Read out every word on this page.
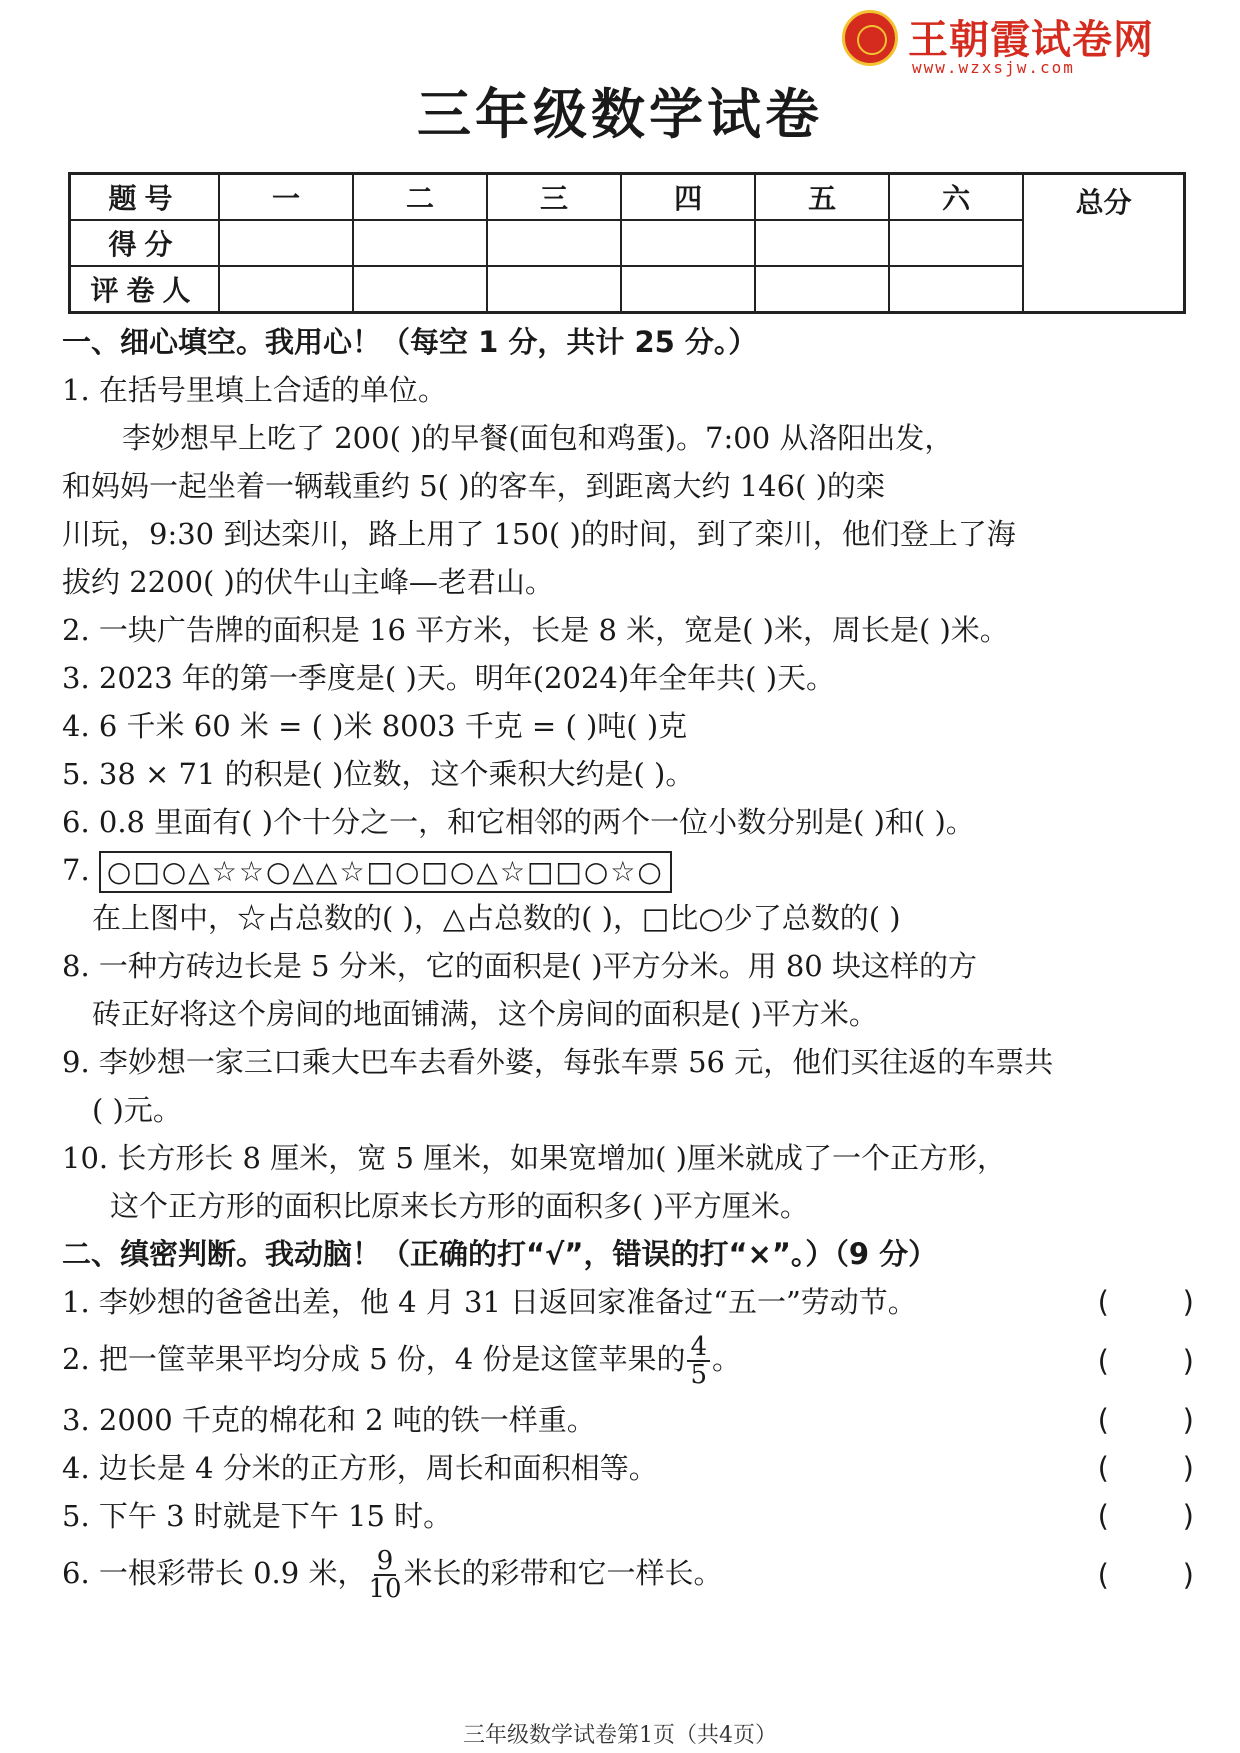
王朝霞试卷网
www.wzxsjw.com
三年级数学试卷
题号	一	二	三	四	五	六	总分
得分							
评卷人							
一、细心填空。我用心！（每空 1 分，共计 25 分。）
1. 在括号里填上合适的单位。
李妙想早上吃了 200( )的早餐(面包和鸡蛋)。7:00 从洛阳出发，
和妈妈一起坐着一辆载重约 5( )的客车，到距离大约 146( )的栾
川玩，9:30 到达栾川，路上用了 150( )的时间，到了栾川，他们登上了海
拔约 2200( )的伏牛山主峰—老君山。
2. 一块广告牌的面积是 16 平方米，长是 8 米，宽是( )米，周长是( )米。
3. 2023 年的第一季度是( )天。明年(2024)年全年共( )天。
4. 6 千米 60 米 = ( )米 8003 千克 = ( )吨( )克
5. 38 × 71 的积是( )位数，这个乘积大约是( )。
6. 0.8 里面有( )个十分之一，和它相邻的两个一位小数分别是( )和( )。
7. ○□○△☆☆○△△☆□○□○△☆□□○☆○
在上图中，☆占总数的( )，△占总数的( )，□比○少了总数的( )
8. 一种方砖边长是 5 分米，它的面积是( )平方分米。用 80 块这样的方
砖正好将这个房间的地面铺满，这个房间的面积是( )平方米。
9. 李妙想一家三口乘大巴车去看外婆，每张车票 56 元，他们买往返的车票共
( )元。
10. 长方形长 8 厘米，宽 5 厘米，如果宽增加( )厘米就成了一个正方形，
这个正方形的面积比原来长方形的面积多( )平方厘米。
二、缜密判断。我动脑！（正确的打“√”，错误的打“×”。）（9 分）
1. 李妙想的爸爸出差，他 4 月 31 日返回家准备过“五一”劳动节。	(        )
2. 把一筐苹果平均分成 5 份，4 份是这筐苹果的 $\frac{4}{5}$ 。	(        )
3. 2000 千克的棉花和 2 吨的铁一样重。	(        )
4. 边长是 4 分米的正方形，周长和面积相等。	(        )
5. 下午 3 时就是下午 15 时。	(        )
6. 一根彩带长 0.9 米， $\frac{9}{10}$ 米长的彩带和它一样长。	(        )
三年级数学试卷第1页（共4页）
